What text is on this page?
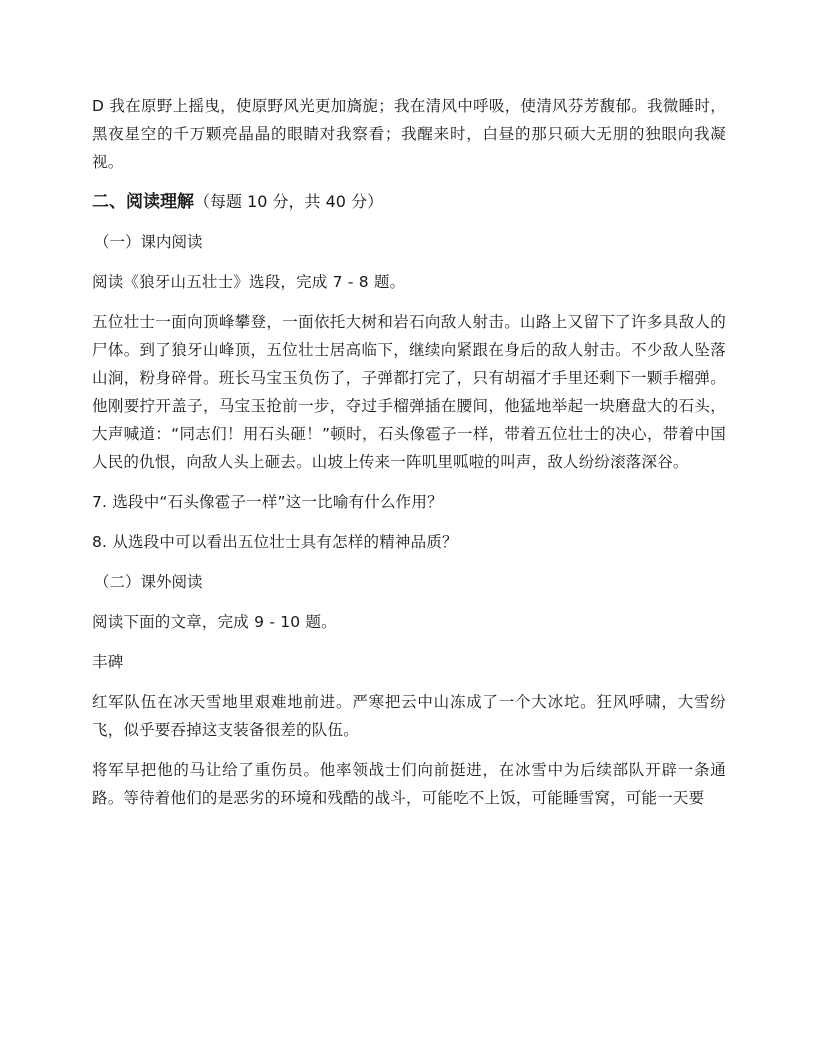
D 我在原野上摇曳，使原野风光更加旖旎；我在清风中呼吸，使清风芬芳馥郁。我微睡时，黑夜星空的千万颗亮晶晶的眼睛对我察看；我醒来时，白昼的那只硕大无朋的独眼向我凝视。

二、阅读理解（每题 10 分，共 40 分）
（一）课内阅读

阅读《狼牙山五壮士》选段，完成 7 - 8 题。

五位壮士一面向顶峰攀登，一面依托大树和岩石向敌人射击。山路上又留下了许多具敌人的尸体。到了狼牙山峰顶，五位壮士居高临下，继续向紧跟在身后的敌人射击。不少敌人坠落山涧，粉身碎骨。班长马宝玉负伤了，子弹都打完了，只有胡福才手里还剩下一颗手榴弹。他刚要拧开盖子，马宝玉抢前一步，夺过手榴弹插在腰间，他猛地举起一块磨盘大的石头，大声喊道：“同志们！用石头砸！”顿时，石头像雹子一样，带着五位壮士的决心，带着中国人民的仇恨，向敌人头上砸去。山坡上传来一阵叽里呱啦的叫声，敌人纷纷滚落深谷。

7. 选段中“石头像雹子一样”这一比喻有什么作用？

8. 从选段中可以看出五位壮士具有怎样的精神品质？

（二）课外阅读

阅读下面的文章，完成 9 - 10 题。

丰碑

红军队伍在冰天雪地里艰难地前进。严寒把云中山冻成了一个大冰坨。狂风呼啸，大雪纷飞，似乎要吞掉这支装备很差的队伍。

将军早把他的马让给了重伤员。他率领战士们向前挺进，在冰雪中为后续部队开辟一条通路。等待着他们的是恶劣的环境和残酷的战斗，可能吃不上饭，可能睡雪窝，可能一天要
